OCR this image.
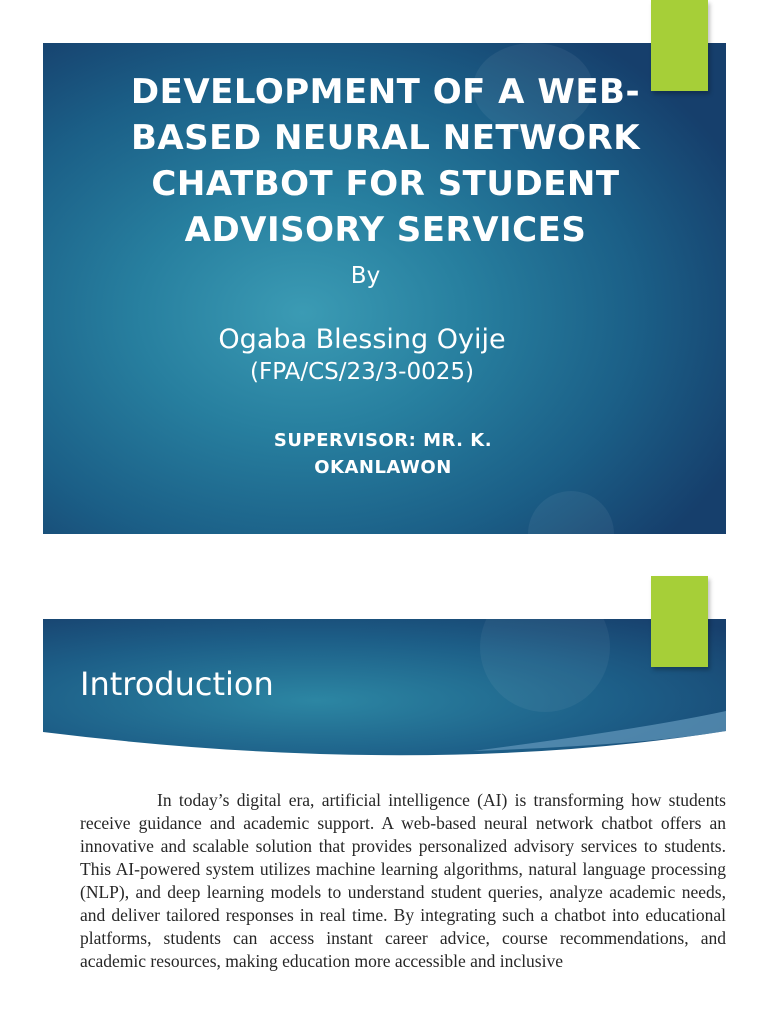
DEVELOPMENT OF A WEB-BASED NEURAL NETWORK CHATBOT FOR STUDENT ADVISORY SERVICES
By
Ogaba Blessing Oyije
(FPA/CS/23/3-0025)
SUPERVISOR: MR. K. OKANLAWON
Introduction

In today’s digital era, artificial intelligence (AI) is transforming how students receive guidance and academic support. A web-based neural network chatbot offers an innovative and scalable solution that provides personalized advisory services to students. This AI-powered system utilizes machine learning algorithms, natural language processing (NLP), and deep learning models to understand student queries, analyze academic needs, and deliver tailored responses in real time. By integrating such a chatbot into educational platforms, students can access instant career advice, course recommendations, and academic resources, making education more accessible and inclusive
